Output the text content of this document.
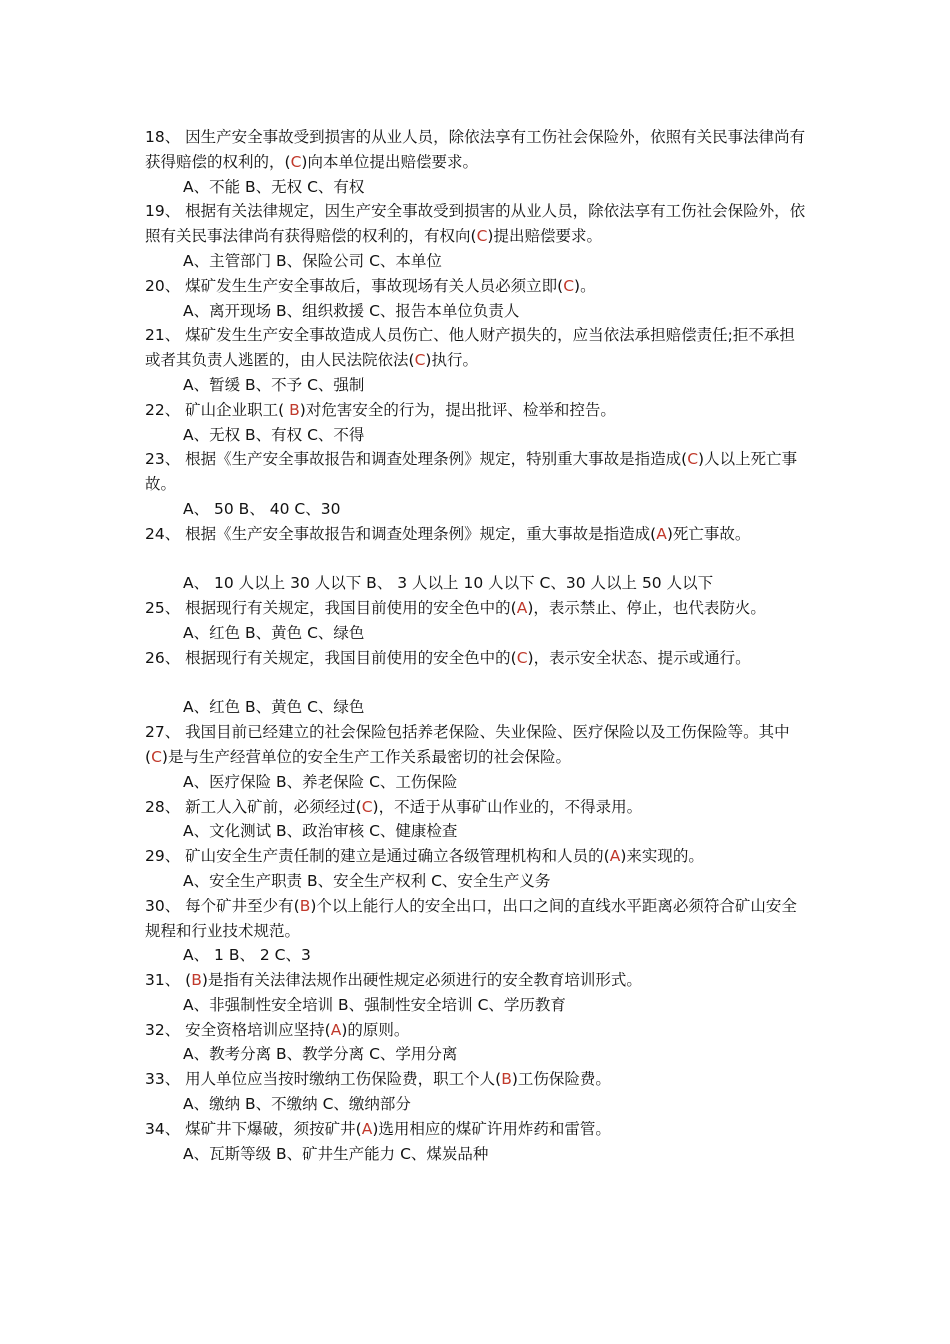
18、 因生产安全事故受到损害的从业人员，除依法享有工伤社会保险外，依照有关民事法律尚有获得赔偿的权利的，(C)向本单位提出赔偿要求。

A、不能 B、无权 C、有权

19、 根据有关法律规定，因生产安全事故受到损害的从业人员，除依法享有工伤社会保险外，依照有关民事法律尚有获得赔偿的权利的，有权向(C)提出赔偿要求。

A、主管部门 B、保险公司 C、本单位

20、 煤矿发生生产安全事故后，事故现场有关人员必须立即(C)。

A、离开现场 B、组织救援 C、报告本单位负责人

21、 煤矿发生生产安全事故造成人员伤亡、他人财产损失的，应当依法承担赔偿责任;拒不承担或者其负责人逃匿的，由人民法院依法(C)执行。

A、暂缓 B、不予 C、强制

22、 矿山企业职工( B)对危害安全的行为，提出批评、检举和控告。

A、无权 B、有权 C、不得

23、 根据《生产安全事故报告和调查处理条例》规定，特别重大事故是指造成(C)人以上死亡事故。

A、 50 B、 40 C、30

24、 根据《生产安全事故报告和调查处理条例》规定，重大事故是指造成(A)死亡事故。

A、 10 人以上 30 人以下 B、 3 人以上 10 人以下 C、30 人以上 50 人以下

25、 根据现行有关规定，我国目前使用的安全色中的(A)，表示禁止、停止，也代表防火。

A、红色 B、黄色 C、绿色

26、 根据现行有关规定，我国目前使用的安全色中的(C)，表示安全状态、提示或通行。

A、红色 B、黄色 C、绿色

27、 我国目前已经建立的社会保险包括养老保险、失业保险、医疗保险以及工伤保险等。其中(C)是与生产经营单位的安全生产工作关系最密切的社会保险。

A、医疗保险 B、养老保险 C、工伤保险

28、 新工人入矿前，必须经过(C)，不适于从事矿山作业的，不得录用。

A、文化测试 B、政治审核 C、健康检查

29、 矿山安全生产责任制的建立是通过确立各级管理机构和人员的(A)来实现的。

A、安全生产职责 B、安全生产权利 C、安全生产义务

30、 每个矿井至少有(B)个以上能行人的安全出口，出口之间的直线水平距离必须符合矿山安全规程和行业技术规范。

A、 1 B、 2 C、3

31、 (B)是指有关法律法规作出硬性规定必须进行的安全教育培训形式。

A、非强制性安全培训 B、强制性安全培训 C、学历教育

32、 安全资格培训应坚持(A)的原则。

A、教考分离 B、教学分离 C、学用分离

33、 用人单位应当按时缴纳工伤保险费，职工个人(B)工伤保险费。

A、缴纳 B、不缴纳 C、缴纳部分

34、 煤矿井下爆破，须按矿井(A)选用相应的煤矿许用炸药和雷管。

A、瓦斯等级 B、矿井生产能力 C、煤炭品种
